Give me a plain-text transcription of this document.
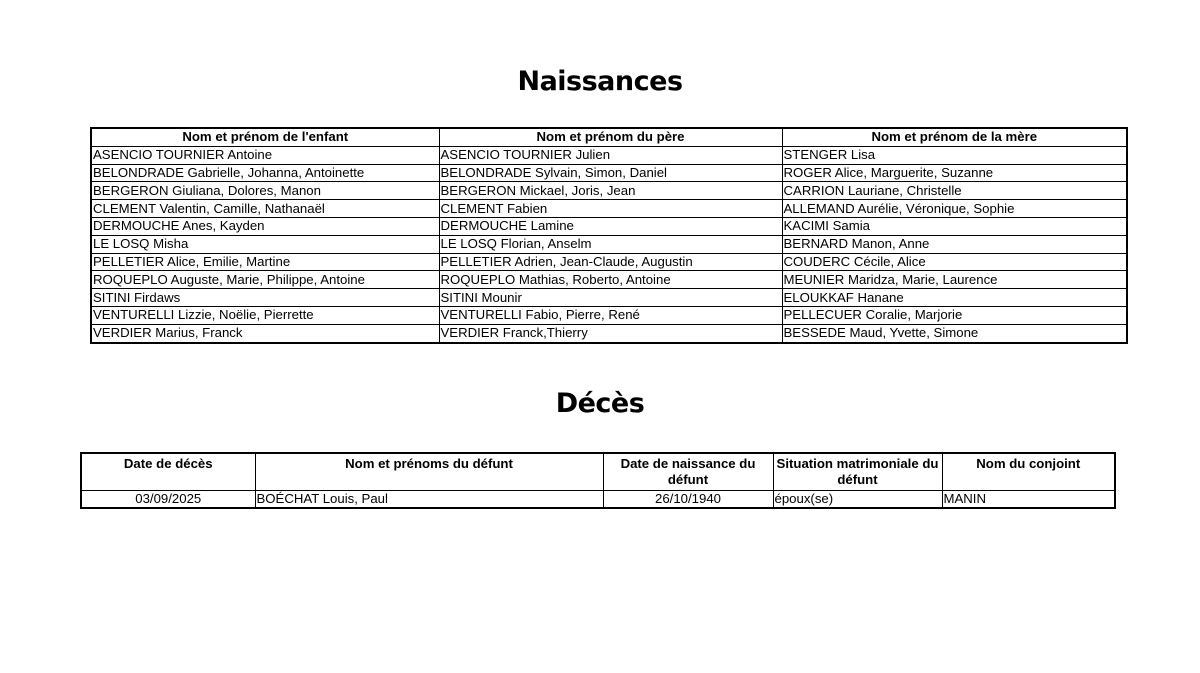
Naissances
Nom et prénom de l'enfant	Nom et prénom du père	Nom et prénom de la mère
ASENCIO TOURNIER Antoine	ASENCIO TOURNIER Julien	STENGER Lisa
BELONDRADE Gabrielle, Johanna, Antoinette	BELONDRADE Sylvain, Simon, Daniel	ROGER Alice, Marguerite, Suzanne
BERGERON Giuliana, Dolores, Manon	BERGERON Mickael, Joris, Jean	CARRION Lauriane, Christelle
CLEMENT Valentin, Camille, Nathanaël	CLEMENT Fabien	ALLEMAND Aurélie, Véronique, Sophie
DERMOUCHE Anes, Kayden	DERMOUCHE Lamine	KACIMI Samia
LE LOSQ Misha	LE LOSQ Florian, Anselm	BERNARD Manon, Anne
PELLETIER Alice, Emilie, Martine	PELLETIER Adrien, Jean-Claude, Augustin	COUDERC Cécile, Alice
ROQUEPLO Auguste, Marie, Philippe, Antoine	ROQUEPLO Mathias, Roberto, Antoine	MEUNIER Maridza, Marie, Laurence
SITINI Firdaws	SITINI Mounir	ELOUKKAF Hanane
VENTURELLI Lizzie, Noëlie, Pierrette	VENTURELLI Fabio, Pierre, René	PELLECUER Coralie, Marjorie
VERDIER Marius, Franck	VERDIER Franck,Thierry	BESSEDE Maud, Yvette, Simone
Décès
Date de décès	Nom et prénoms du défunt	Date de naissance du défunt	Situation matrimoniale du défunt	Nom du conjoint
03/09/2025	BOÉCHAT Louis, Paul	26/10/1940	époux(se)	MANIN
